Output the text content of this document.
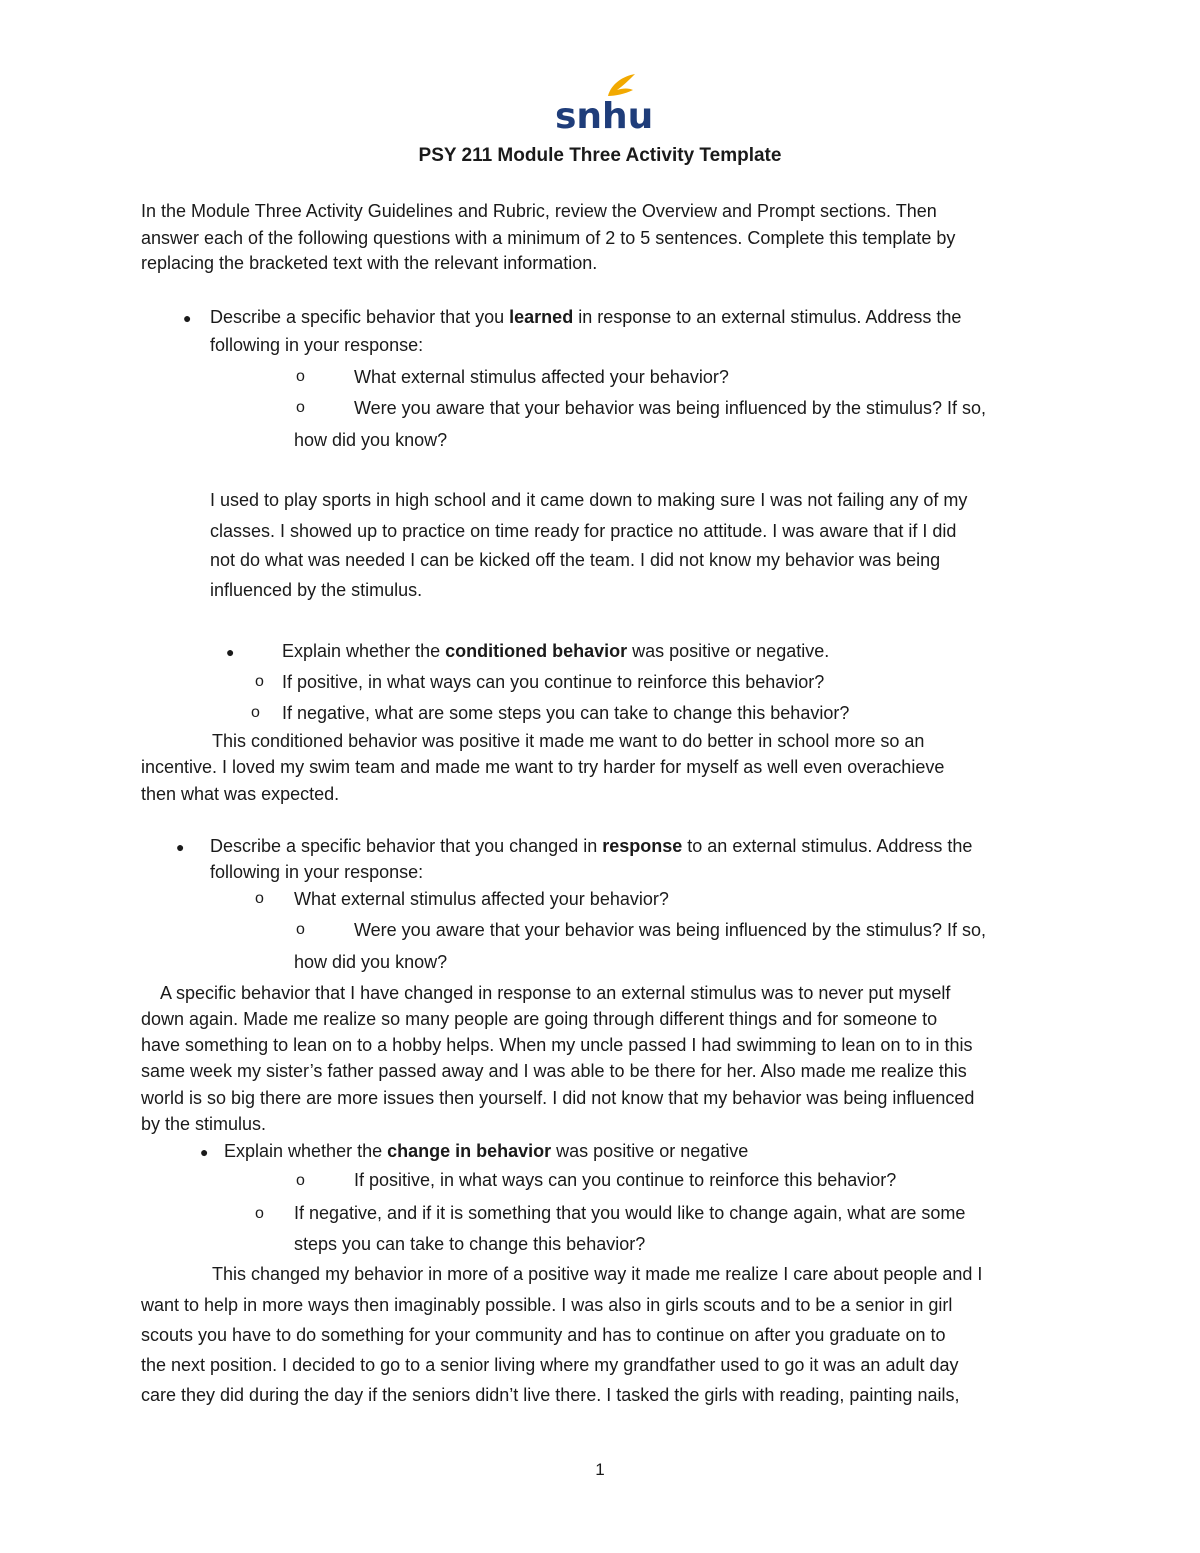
snhu
PSY 211 Module Three Activity Template
In the Module Three Activity Guidelines and Rubric, review the Overview and Prompt sections. Then
answer each of the following questions with a minimum of 2 to 5 sentences. Complete this template by
replacing the bracketed text with the relevant information.
● Describe a specific behavior that you learned in response to an external stimulus. Address the
following in your response:
o	What external stimulus affected your behavior?
o	Were you aware that your behavior was being influenced by the stimulus? If so,
how did you know?
I used to play sports in high school and it came down to making sure I was not failing any of my
classes. I showed up to practice on time ready for practice no attitude. I was aware that if I did
not do what was needed I can be kicked off the team. I did not know my behavior was being
influenced by the stimulus.
●	Explain whether the conditioned behavior was positive or negative.
o If positive, in what ways can you continue to reinforce this behavior?
o If negative, what are some steps you can take to change this behavior?
This conditioned behavior was positive it made me want to do better in school more so an
incentive. I loved my swim team and made me want to try harder for myself as well even overachieve
then what was expected.
● Describe a specific behavior that you changed in response to an external stimulus. Address the
following in your response:
o What external stimulus affected your behavior?
o	Were you aware that your behavior was being influenced by the stimulus? If so,
how did you know?
A specific behavior that I have changed in response to an external stimulus was to never put myself
down again. Made me realize so many people are going through different things and for someone to
have something to lean on to a hobby helps. When my uncle passed I had swimming to lean on to in this
same week my sister’s father passed away and I was able to be there for her. Also made me realize this
world is so big there are more issues then yourself. I did not know that my behavior was being influenced
by the stimulus.
● Explain whether the change in behavior was positive or negative
o	If positive, in what ways can you continue to reinforce this behavior?
o If negative, and if it is something that you would like to change again, what are some
steps you can take to change this behavior?
This changed my behavior in more of a positive way it made me realize I care about people and I
want to help in more ways then imaginably possible. I was also in girls scouts and to be a senior in girl
scouts you have to do something for your community and has to continue on after you graduate on to
the next position. I decided to go to a senior living where my grandfather used to go it was an adult day
care they did during the day if the seniors didn’t live there. I tasked the girls with reading, painting nails,
1
